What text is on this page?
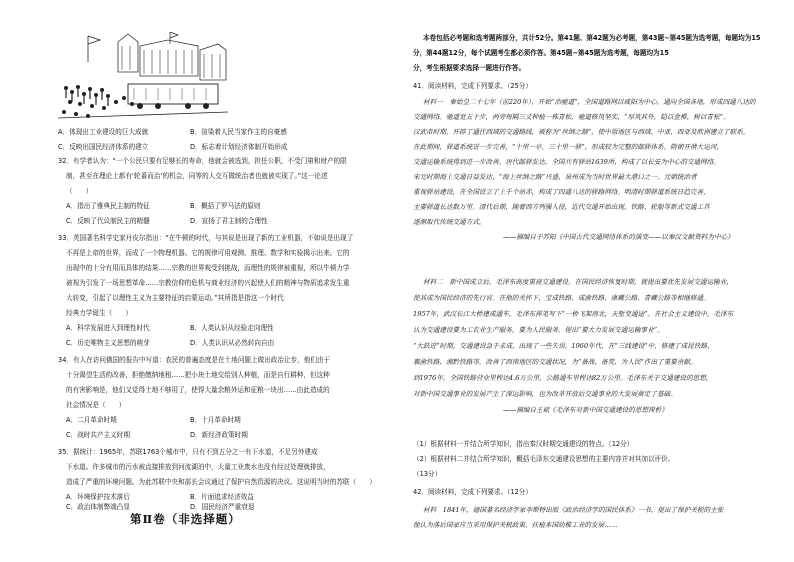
A．体现出工业建设的巨大成就	B．渲染着人民当家作主的自豪感
C．反映出国民经济体系的建立	D．标志着计划经济体制开始形成
32．有学者认为：“一个公民只要有足够长的寿命，他就会被选到，担任公职，不受门第和财产的限
制，甚至在理论上都有‘轮番而治’的机会，同等的人交互做统治者也就被实现了。”这一论述
（　　）
A．指出了雅典民主制的特征	B．概括了罗马法的原则
C．反映了代议制民主的精髓	D．宣扬了君主制的合理性
33．英国著名科学史家丹皮尔指出：“在牛顿的时代，与其说是出现了新的工业机器，不如说是出现了
不再是上帝的世界，而成了一个物理机器。它的规律可用观测、推理、数学和实验揭示出来。它的
出现中的十分有用而具体的结果……宗教的世界观受到挑战，而理性的规律被重视，所以牛顿力学
被视为引发了一场思想革命……宗教信仰的危机与商业经济的兴起使人们的精神与物质追求发生重
大转变，引起了以理性主义为主要特征的启蒙运动。”其所指是指这一个时代
经典力学诞生（　　）
A．科学发展进入到理性时代	B．人类认识从经验走向理性
C．历史唯物主义思想的萌芽	D．人类认识从必然转向自由
34．有人在访问俄国的报告中写道：农民的普遍态度是在土地问题上做出政治让步，他们由于
十分渴望生活的改善，拒绝缴纳地租……把小块土地交给别人种植，而是自行耕种，但这种
的有害影响是，他们又觉得土地不够用了，使得大量余粮外运和征粮一块出……由此造成的
社会情况是（　　）
A．二月革命时期	B．十月革命时期
C．战时共产主义时期	D．新经济政策时期
35．据统计：1965年，苏联1763个城市中，只有不到五分之一有下水道，不足另外建成
下水道。许多城市的污水被直接排放到河流湖泊中，大量工业废水也没有经过处理就排放，
造成了严重的环境问题。为此苏联中央和部长会议通过了保护自然资源的决议。这说明当时的苏联（　　）
A．环境保护技术落后	B．片面追求经济效益
C．政治体制弊端凸显	D．国民经济严重衰退
第Ⅱ卷（非选择题）
本卷包括必考题和选考题两部分，共计52分。第41题、第42题为必考题，第43题~第45题为选考题，每题均为15
分，第44题12分，每个试题考生都必须作答。第45题~第45题为选考题，每题均为15
分，考生根据要求选择一题进行作答。
41．阅读材料，完成下列要求。（25分）
材料一　秦始皇二十七年（前220年），开始“治驰道”，全国道路网以咸阳为中心，通向全国各地，形成四通八达的
交通网络。驰道宽五十步，两旁每隔三丈种植一株青松，驰道修筑坚实，“厚筑其外，隐以金椎，树以青松”。
汉武帝时期，开辟了通往西域的交通路线，被称为“丝绸之路”，使中原地区与西域、中亚、西亚及欧洲建立了联系。
在此期间，驿道系统进一步完善，“十里一亭，三十里一驿”，形成较为完整的邮驿体系。隋朝开凿大运河，
交通运输系统得到进一步改善。唐代邮驿发达，全国共有驿站1639所，构成了以长安为中心的交通网络。
宋元时期海上交通日益发达，“海上丝绸之路”兴盛，泉州成为当时世界最大港口之一。元朝统治者
重视驿站建设，在全国设立了上千个站赤，构成了四通八达的驿路网络。明清时期驿道系统日趋完善，
主要驿道长达数万里。清代后期，随着西方列强入侵，近代交通开始出现，铁路、轮船等新式交通工具
逐渐取代传统交通方式。
——摘编自于苏阳《中国古代交通网络体系的演变——以秦汉文献资料为中心》
材料二　新中国成立后，毛泽东高度重视交通建设。在国民经济恢复时期，就提出要优先发展交通运输业，
使其成为国民经济的先行官。在他的关怀下，宝成铁路、成渝铁路、康藏公路、青藏公路等相继修通。
1957年，武汉长江大桥建成通车，毛泽东挥笔写下“一桥飞架南北，天堑变通途”。在社会主义建设中，毛泽东
认为交通建设要为工农业生产服务，要为人民服务，提出“要大力发展交通运输事业”。
“大跃进”时期，交通建设急于求成，出现了一些失误。1960年代，在“三线建设”中，修建了成昆铁路、
襄渝铁路、湘黔铁路等，改善了西南地区的交通状况，为“备战、备荒、为人民”作出了重要贡献。
到1976年，全国铁路营业里程达4.6万公里，公路通车里程达82万公里。毛泽东关于交通建设的思想，
对新中国交通事业的发展产生了深远影响，也为改革开放后交通事业的大发展奠定了基础。
——摘编自王斌《毛泽东对新中国交通建设的思想探析》
（1）根据材料一并结合所学知识，指出秦汉时期交通建设的特点。（12分）
（2）根据材料二并结合所学知识，概括毛泽东交通建设思想的主要内容并对其加以评价。
（13分）
42．阅读材料，完成下列要求。（12分）
材料　1841年，德国著名经济学家李斯特出版《政治经济学的国民体系》一书，提出了保护关税的主张
他认为落后国家应当采用保护关税政策，扶植本国幼稚工业的发展……
